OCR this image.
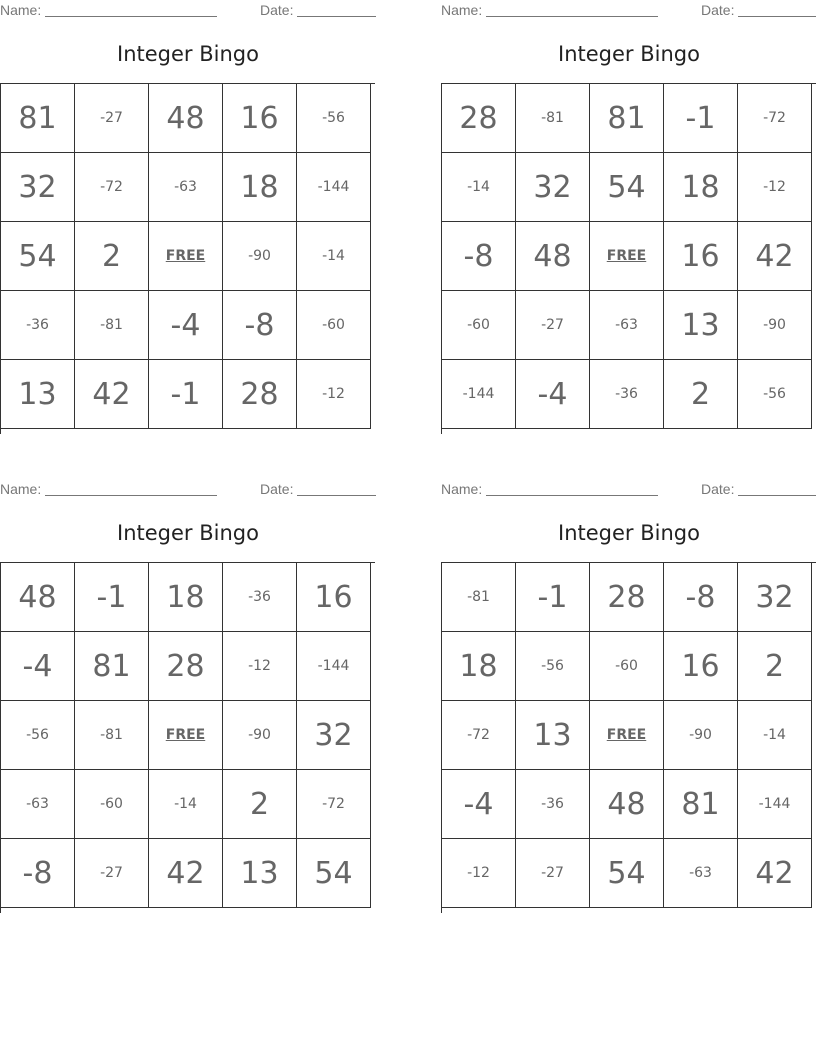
Name:	Date:
Integer Bingo
81	-27	48	16	-56
32	-72	-63	18	-144
54	2	FREE	-90	-14
-36	-81	-4	-8	-60
13	42	-1	28	-12
Name:	Date:
Integer Bingo
28	-81	81	-1	-72
-14	32	54	18	-12
-8	48	FREE	16	42
-60	-27	-63	13	-90
-144	-4	-36	2	-56
Name:	Date:
Integer Bingo
48	-1	18	-36	16
-4	81	28	-12	-144
-56	-81	FREE	-90	32
-63	-60	-14	2	-72
-8	-27	42	13	54
Name:	Date:
Integer Bingo
-81	-1	28	-8	32
18	-56	-60	16	2
-72	13	FREE	-90	-14
-4	-36	48	81	-144
-12	-27	54	-63	42
